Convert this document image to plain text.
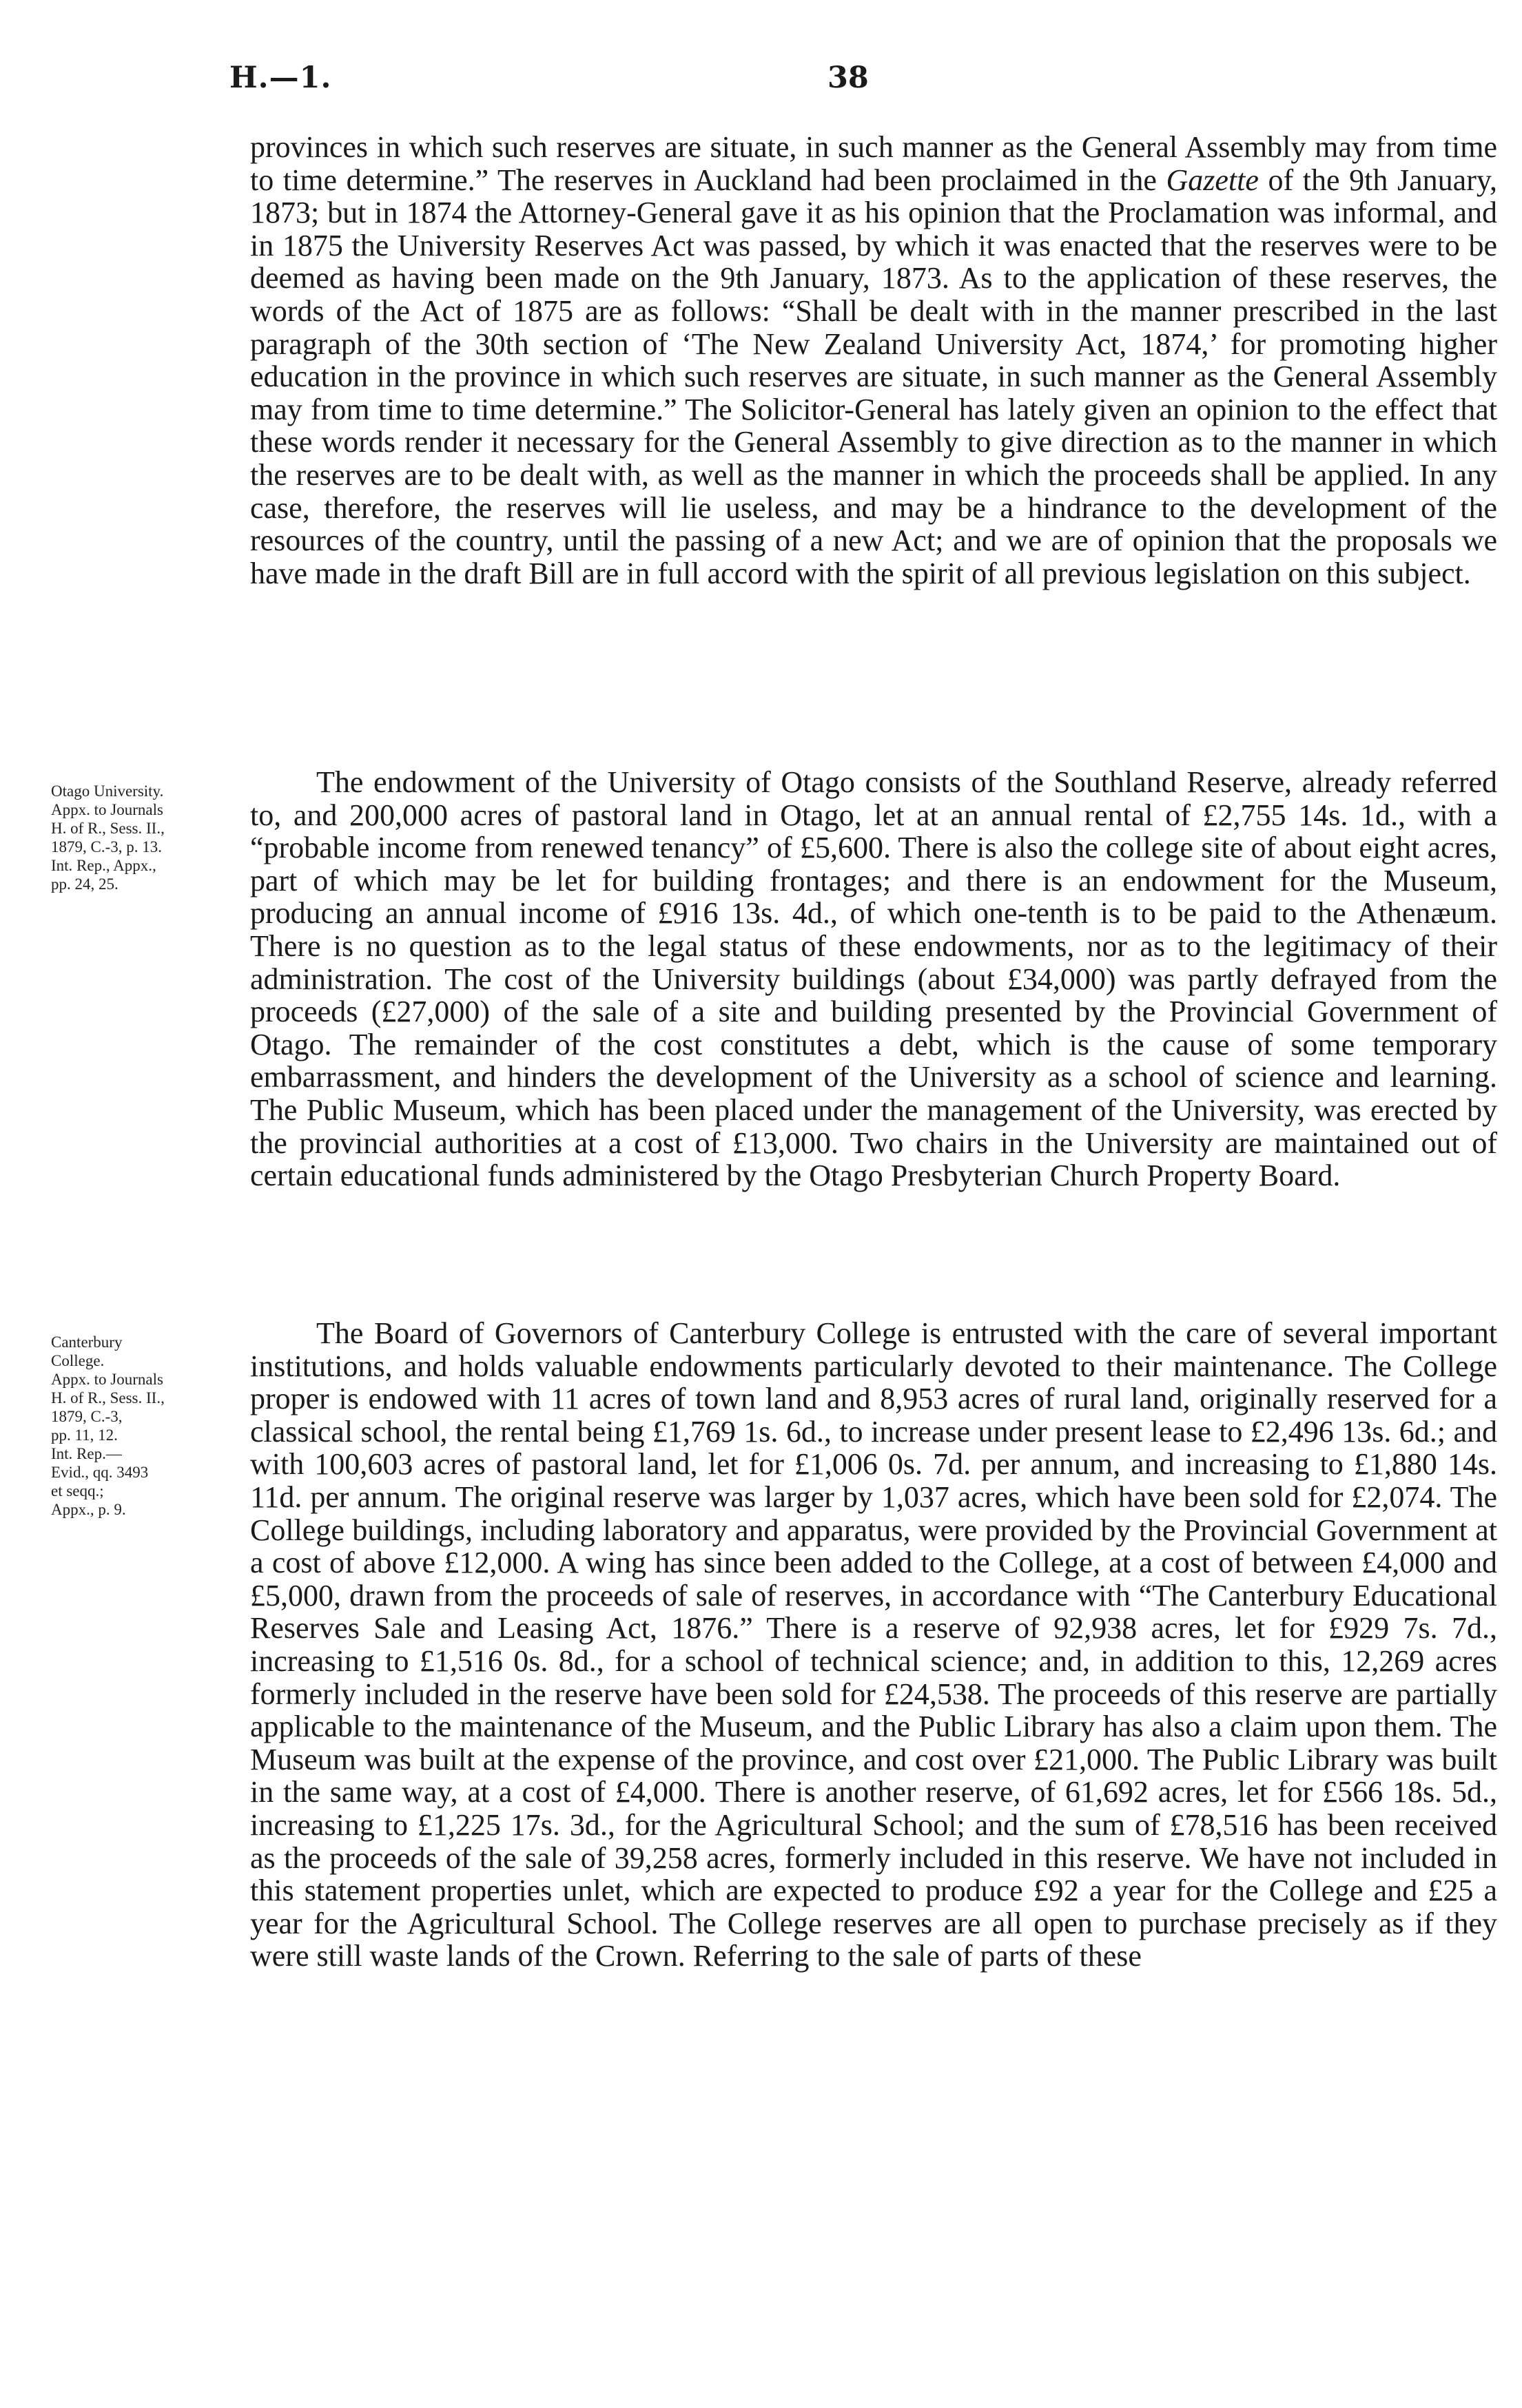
H.—1.	38

provinces in which such reserves are situate, in such manner as the General Assembly may from time to time determine.” The reserves in Auckland had been proclaimed in the Gazette of the 9th January, 1873; but in 1874 the Attorney-General gave it as his opinion that the Proclamation was informal, and in 1875 the University Reserves Act was passed, by which it was enacted that the reserves were to be deemed as having been made on the 9th January, 1873. As to the application of these reserves, the words of the Act of 1875 are as follows: “Shall be dealt with in the manner prescribed in the last paragraph of the 30th section of ‘The New Zealand University Act, 1874,’ for promoting higher education in the province in which such reserves are situate, in such manner as the General Assembly may from time to time determine.” The Solicitor-General has lately given an opinion to the effect that these words render it necessary for the General Assembly to give direction as to the manner in which the reserves are to be dealt with, as well as the manner in which the proceeds shall be applied. In any case, therefore, the reserves will lie useless, and may be a hindrance to the development of the resources of the country, until the passing of a new Act; and we are of opinion that the proposals we have made in the draft Bill are in full accord with the spirit of all previous legislation on this subject.

Otago University.
Appx. to Journals
H. of R., Sess. II.,
1879, C.-3, p. 13.
Int. Rep., Appx.,
pp. 24, 25.

The endowment of the University of Otago consists of the Southland Reserve, already referred to, and 200,000 acres of pastoral land in Otago, let at an annual rental of £2,755 14s. 1d., with a “probable income from renewed tenancy” of £5,600. There is also the college site of about eight acres, part of which may be let for building frontages; and there is an endowment for the Museum, producing an annual income of £916 13s. 4d., of which one-tenth is to be paid to the Athenæum. There is no question as to the legal status of these endowments, nor as to the legitimacy of their administration. The cost of the University buildings (about £34,000) was partly defrayed from the proceeds (£27,000) of the sale of a site and building presented by the Provincial Government of Otago. The remainder of the cost constitutes a debt, which is the cause of some temporary embarrassment, and hinders the development of the University as a school of science and learning. The Public Museum, which has been placed under the management of the University, was erected by the provincial authorities at a cost of £13,000. Two chairs in the University are maintained out of certain educational funds administered by the Otago Presbyterian Church Property Board.

Canterbury
College.
Appx. to Journals
H. of R., Sess. II.,
1879, C.-3,
pp. 11, 12.
Int. Rep.—
Evid., qq. 3493
et seqq.;
Appx., p. 9.

The Board of Governors of Canterbury College is entrusted with the care of several important institutions, and holds valuable endowments particularly devoted to their maintenance. The College proper is endowed with 11 acres of town land and 8,953 acres of rural land, originally reserved for a classical school, the rental being £1,769 1s. 6d., to increase under present lease to £2,496 13s. 6d.; and with 100,603 acres of pastoral land, let for £1,006 0s. 7d. per annum, and increasing to £1,880 14s. 11d. per annum. The original reserve was larger by 1,037 acres, which have been sold for £2,074. The College buildings, including laboratory and apparatus, were provided by the Provincial Government at a cost of above £12,000. A wing has since been added to the College, at a cost of between £4,000 and £5,000, drawn from the proceeds of sale of reserves, in accordance with “The Canterbury Educational Reserves Sale and Leasing Act, 1876.” There is a reserve of 92,938 acres, let for £929 7s. 7d., increasing to £1,516 0s. 8d., for a school of technical science; and, in addition to this, 12,269 acres formerly included in the reserve have been sold for £24,538. The proceeds of this reserve are partially applicable to the maintenance of the Museum, and the Public Library has also a claim upon them. The Museum was built at the expense of the province, and cost over £21,000. The Public Library was built in the same way, at a cost of £4,000. There is another reserve, of 61,692 acres, let for £566 18s. 5d., increasing to £1,225 17s. 3d., for the Agricultural School; and the sum of £78,516 has been received as the proceeds of the sale of 39,258 acres, formerly included in this reserve. We have not included in this statement properties unlet, which are expected to produce £92 a year for the College and £25 a year for the Agricultural School. The College reserves are all open to purchase precisely as if they were still waste lands of the Crown. Referring to the sale of parts of these
